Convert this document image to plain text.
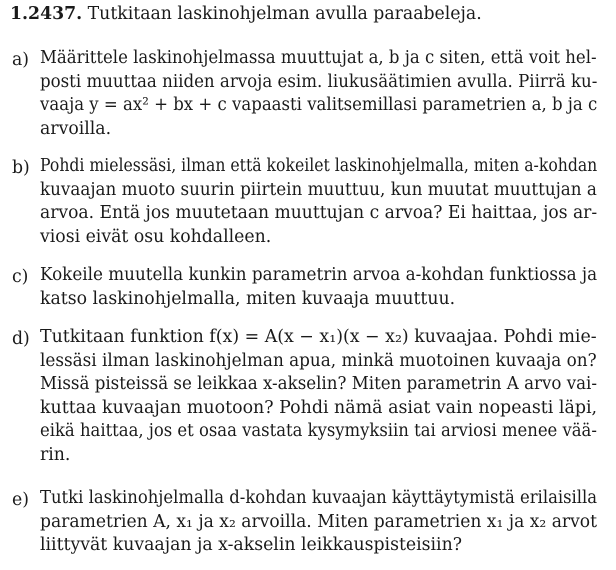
1.2437. Tutkitaan laskinohjelman avulla paraabeleja.
a) Määrittele laskinohjelmassa muuttujat a, b ja c siten, että voit hel-
posti muuttaa niiden arvoja esim. liukusäätimien avulla. Piirrä ku-
vaaja y = ax² + bx + c vapaasti valitsemillasi parametrien a, b ja c
arvoilla.
b) Pohdi mielessäsi, ilman että kokeilet laskinohjelmalla, miten a-kohdan
kuvaajan muoto suurin piirtein muuttuu, kun muutat muuttujan a
arvoa. Entä jos muutetaan muuttujan c arvoa? Ei haittaa, jos ar-
viosi eivät osu kohdalleen.
c) Kokeile muutella kunkin parametrin arvoa a-kohdan funktiossa ja
katso laskinohjelmalla, miten kuvaaja muuttuu.
d) Tutkitaan funktion f(x) = A(x − x₁)(x − x₂) kuvaajaa. Pohdi mie-
lessäsi ilman laskinohjelman apua, minkä muotoinen kuvaaja on?
Missä pisteissä se leikkaa x-akselin? Miten parametrin A arvo vai-
kuttaa kuvaajan muotoon? Pohdi nämä asiat vain nopeasti läpi,
eikä haittaa, jos et osaa vastata kysymyksiin tai arviosi menee vää-
rin.
e) Tutki laskinohjelmalla d-kohdan kuvaajan käyttäytymistä erilaisilla
parametrien A, x₁ ja x₂ arvoilla. Miten parametrien x₁ ja x₂ arvot
liittyvät kuvaajan ja x-akselin leikkauspisteisiin?
